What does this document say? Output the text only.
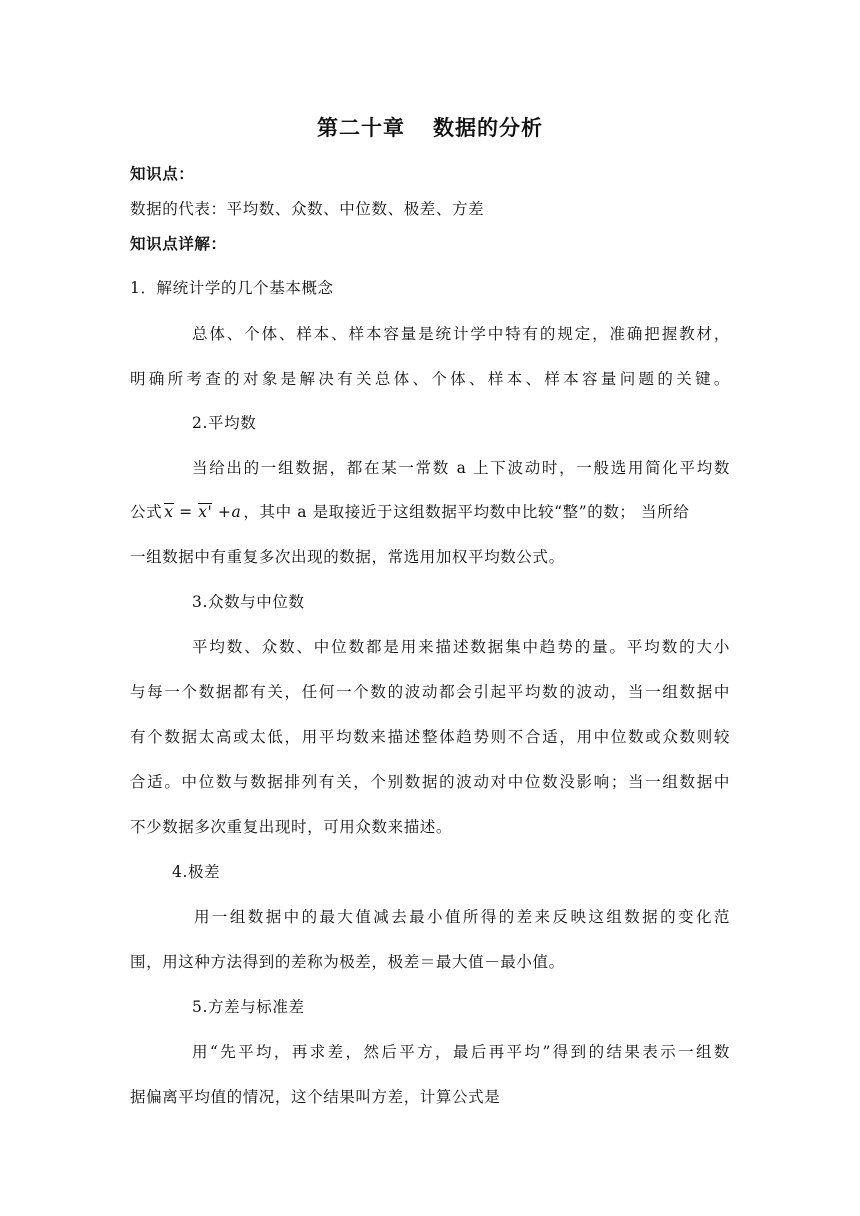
第二十章 数据的分析
知识点：
数据的代表：平均数、众数、中位数、极差、方差
知识点详解：
1．解统计学的几个基本概念
总体、个体、样本、样本容量是统计学中特有的规定，准确把握教材，
明确所考查的对象是解决有关总体、个体、样本、样本容量问题的关键。
2.平均数
当给出的一组数据，都在某一常数 a 上下波动时，一般选用简化平均数
公式 x = x' +a ，其中 a 是取接近于这组数据平均数中比较“整”的数； 当所给
一组数据中有重复多次出现的数据，常选用加权平均数公式。
3.众数与中位数
平均数、众数、中位数都是用来描述数据集中趋势的量。平均数的大小
与每一个数据都有关，任何一个数的波动都会引起平均数的波动，当一组数据中
有个数据太高或太低，用平均数来描述整体趋势则不合适，用中位数或众数则较
合适。中位数与数据排列有关，个别数据的波动对中位数没影响；当一组数据中
不少数据多次重复出现时，可用众数来描述。
4.极差
用一组数据中的最大值减去最小值所得的差来反映这组数据的变化范
围，用这种方法得到的差称为极差，极差＝最大值－最小值。
5.方差与标准差
用“先平均，再求差，然后平方，最后再平均”得到的结果表示一组数
据偏离平均值的情况，这个结果叫方差，计算公式是
